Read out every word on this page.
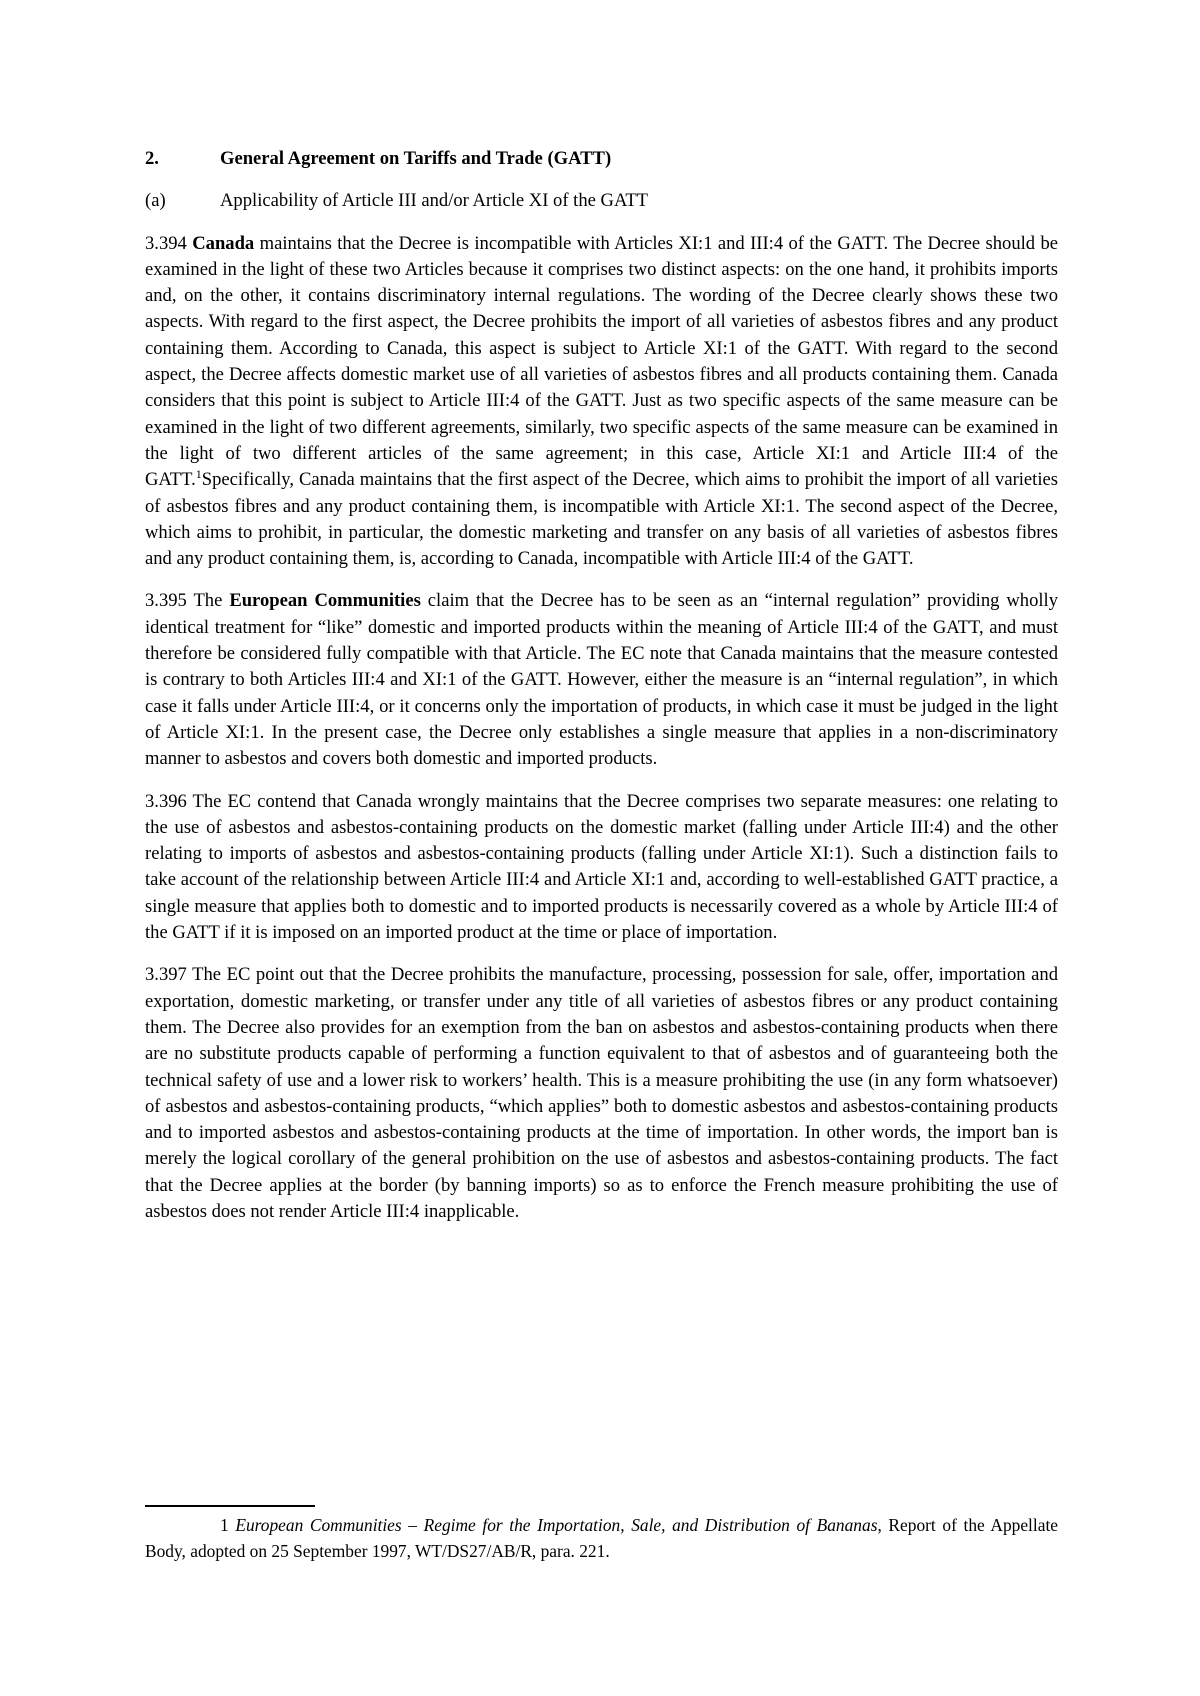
2.	General Agreement on Tariffs and Trade (GATT)

(a)	Applicability of Article III and/or Article XI of the GATT

3.394 Canada maintains that the Decree is incompatible with Articles XI:1 and III:4 of the GATT. The Decree should be examined in the light of these two Articles because it comprises two distinct aspects: on the one hand, it prohibits imports and, on the other, it contains discriminatory internal regulations. The wording of the Decree clearly shows these two aspects. With regard to the first aspect, the Decree prohibits the import of all varieties of asbestos fibres and any product containing them. According to Canada, this aspect is subject to Article XI:1 of the GATT. With regard to the second aspect, the Decree affects domestic market use of all varieties of asbestos fibres and all products containing them. Canada considers that this point is subject to Article III:4 of the GATT. Just as two specific aspects of the same measure can be examined in the light of two different agreements, similarly, two specific aspects of the same measure can be examined in the light of two different articles of the same agreement; in this case, Article XI:1 and Article III:4 of the GATT.$^1$Specifically, Canada maintains that the first aspect of the Decree, which aims to prohibit the import of all varieties of asbestos fibres and any product containing them, is incompatible with Article XI:1. The second aspect of the Decree, which aims to prohibit, in particular, the domestic marketing and transfer on any basis of all varieties of asbestos fibres and any product containing them, is, according to Canada, incompatible with Article III:4 of the GATT.

3.395 The European Communities claim that the Decree has to be seen as an “internal regulation” providing wholly identical treatment for “like” domestic and imported products within the meaning of Article III:4 of the GATT, and must therefore be considered fully compatible with that Article. The EC note that Canada maintains that the measure contested is contrary to both Articles III:4 and XI:1 of the GATT. However, either the measure is an “internal regulation”, in which case it falls under Article III:4, or it concerns only the importation of products, in which case it must be judged in the light of Article XI:1. In the present case, the Decree only establishes a single measure that applies in a non-discriminatory manner to asbestos and covers both domestic and imported products.

3.396 The EC contend that Canada wrongly maintains that the Decree comprises two separate measures: one relating to the use of asbestos and asbestos-containing products on the domestic market (falling under Article III:4) and the other relating to imports of asbestos and asbestos-containing products (falling under Article XI:1). Such a distinction fails to take account of the relationship between Article III:4 and Article XI:1 and, according to well-established GATT practice, a single measure that applies both to domestic and to imported products is necessarily covered as a whole by Article III:4 of the GATT if it is imposed on an imported product at the time or place of importation.

3.397 The EC point out that the Decree prohibits the manufacture, processing, possession for sale, offer, importation and exportation, domestic marketing, or transfer under any title of all varieties of asbestos fibres or any product containing them. The Decree also provides for an exemption from the ban on asbestos and asbestos-containing products when there are no substitute products capable of performing a function equivalent to that of asbestos and of guaranteeing both the technical safety of use and a lower risk to workers’ health. This is a measure prohibiting the use (in any form whatsoever) of asbestos and asbestos-containing products, “which applies” both to domestic asbestos and asbestos-containing products and to imported asbestos and asbestos-containing products at the time of importation. In other words, the import ban is merely the logical corollary of the general prohibition on the use of asbestos and asbestos-containing products. The fact that the Decree applies at the border (by banning imports) so as to enforce the French measure prohibiting the use of asbestos does not render Article III:4 inapplicable.

1 European Communities – Regime for the Importation, Sale, and Distribution of Bananas, Report of the Appellate Body, adopted on 25 September 1997, WT/DS27/AB/R, para. 221.
